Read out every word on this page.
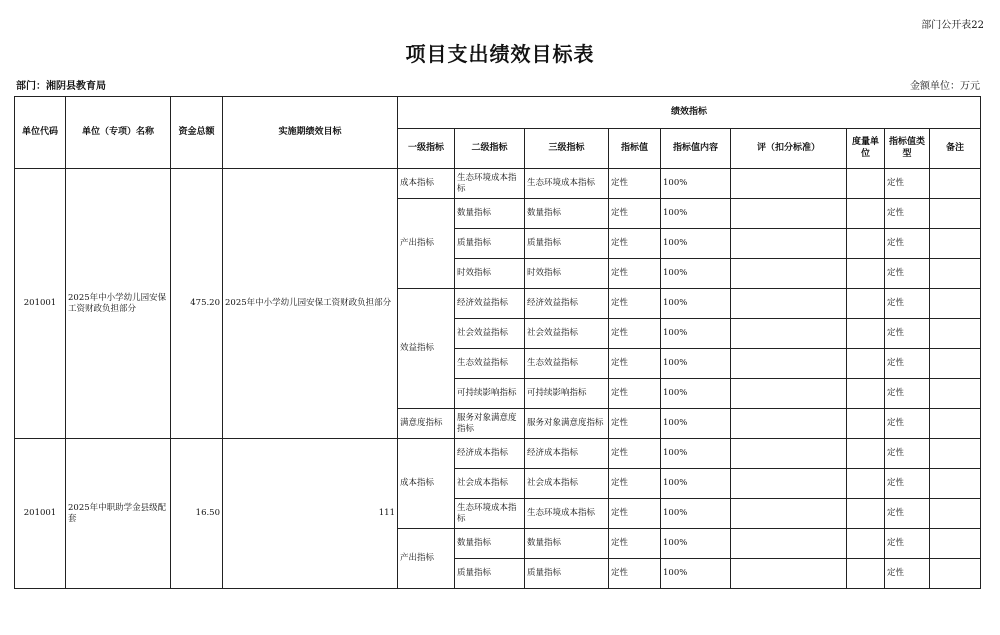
部门公开表22
项目支出绩效目标表
部门：湘阴县教育局	金额单位：万元
单位代码	单位（专项）名称	资金总额	实施期绩效目标	绩效指标								
				一级指标	二级指标	三级指标	指标值	指标值内容	评（扣分标准）	度量单位	指标值类型	备注
201001	2025年中小学幼儿园安保工资财政负担部分	475.20	2025年中小学幼儿园安保工资财政负担部分	成本指标	生态环境成本指标	生态环境成本指标	定性	100%			定性	
				产出指标	数量指标	数量指标	定性	100%			定性	
					质量指标	质量指标	定性	100%			定性	
					时效指标	时效指标	定性	100%			定性	
				效益指标	经济效益指标	经济效益指标	定性	100%			定性	
					社会效益指标	社会效益指标	定性	100%			定性	
					生态效益指标	生态效益指标	定性	100%			定性	
					可持续影响指标	可持续影响指标	定性	100%			定性	
				满意度指标	服务对象满意度指标	服务对象满意度指标	定性	100%			定性	
201001	2025年中职助学金县级配套	16.50	111	成本指标	经济成本指标	经济成本指标	定性	100%			定性	
					社会成本指标	社会成本指标	定性	100%			定性	
					生态环境成本指标	生态环境成本指标	定性	100%			定性	
				产出指标	数量指标	数量指标	定性	100%			定性	
					质量指标	质量指标	定性	100%			定性	
